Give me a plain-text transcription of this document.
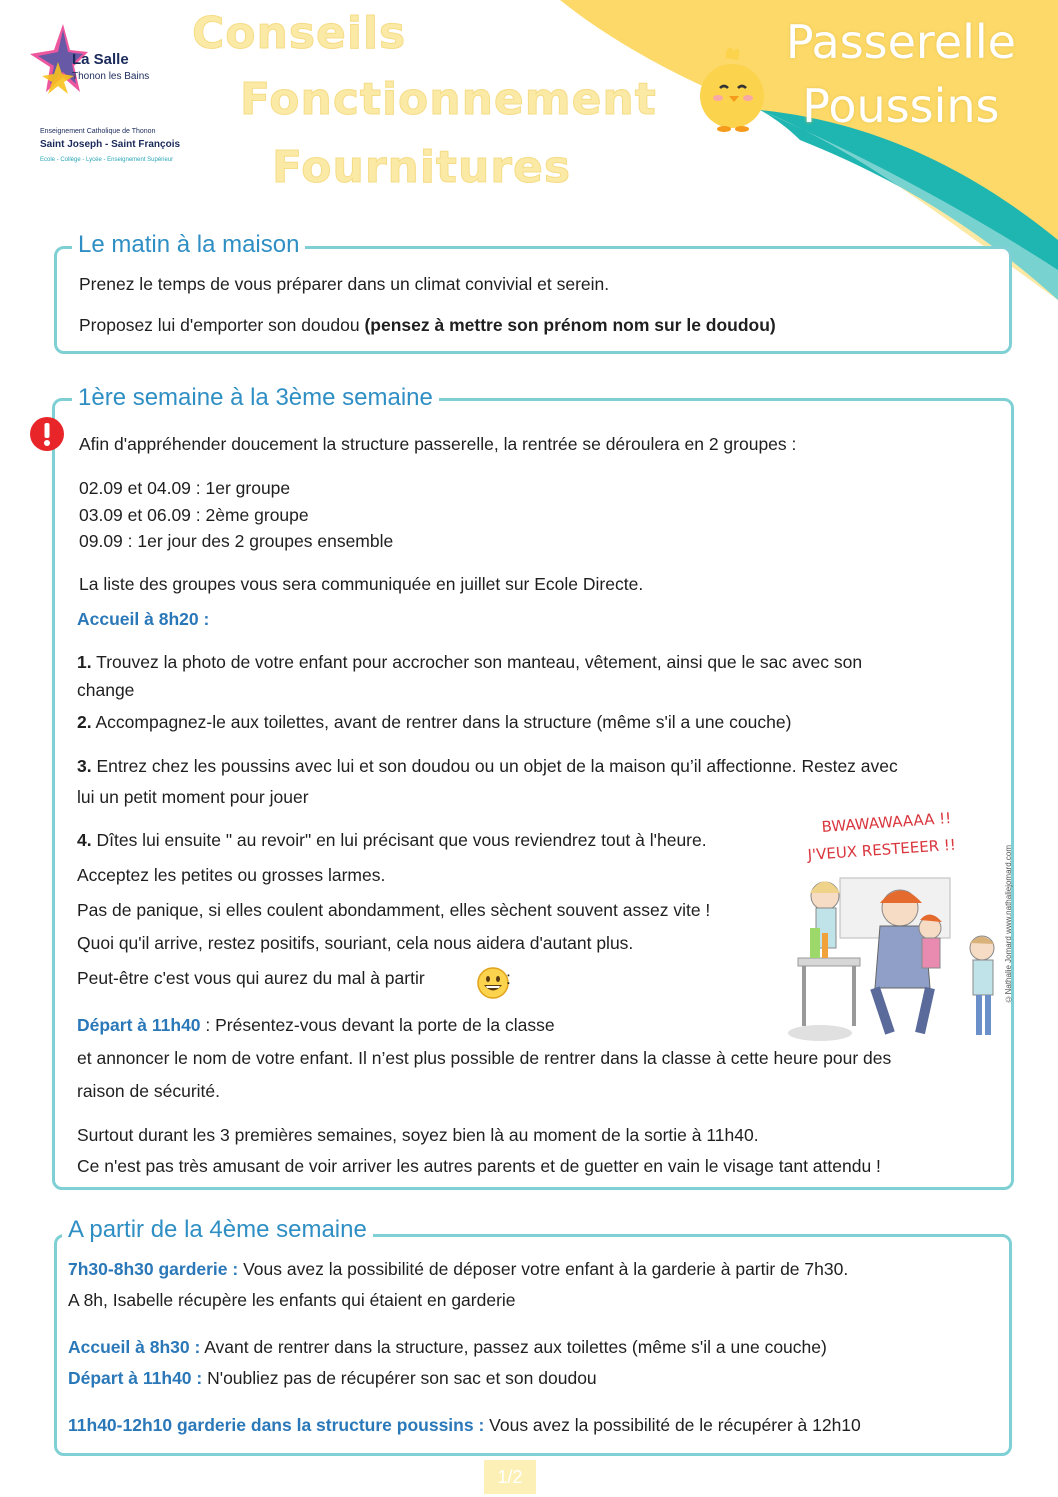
La Salle
Thonon les Bains
Enseignement Catholique de Thonon
Saint Joseph - Saint François
Ecole - Collège - Lycée - Enseignement Supérieur
Conseils
Fonctionnement
Fournitures
Passerelle
Poussins
Le matin à la maison
Prenez le temps de vous préparer dans un climat convivial et serein.
Proposez lui d'emporter son doudou (pensez à mettre son prénom nom sur le doudou)
1ère semaine à la 3ème semaine
Afin d'appréhender doucement la structure passerelle, la rentrée se déroulera en 2 groupes :
02.09 et 04.09 : 1er groupe
03.09 et 06.09 : 2ème groupe
09.09 : 1er jour des 2 groupes ensemble
La liste des groupes vous sera communiquée en juillet sur Ecole Directe.
Accueil à 8h20 :
1. Trouvez la photo de votre enfant pour accrocher son manteau, vêtement, ainsi que le sac avec son
change
2. Accompagnez-le aux toilettes, avant de rentrer dans la structure (même s'il a une couche)
3. Entrez chez les poussins avec lui et son doudou ou un objet de la maison qu’il affectionne. Restez avec
lui un petit moment pour jouer
4. Dîtes lui ensuite " au revoir" en lui précisant que vous reviendrez tout à l'heure.
Acceptez les petites ou grosses larmes.
Pas de panique, si elles coulent abondamment, elles sèchent souvent assez vite !
Quoi qu'il arrive, restez positifs, souriant, cela nous aidera d'autant plus.
Peut-être c'est vous qui aurez du mal à partir	:
Départ à 11h40 : Présentez-vous devant la porte de la classe
et annoncer le nom de votre enfant. Il n’est plus possible de rentrer dans la classe à cette heure pour des
raison de sécurité.
Surtout durant les 3 premières semaines, soyez bien là au moment de la sortie à 11h40.
Ce n'est pas très amusant de voir arriver les autres parents et de guetter en vain le visage tant attendu !
BWAWAWAAAA !!
J'VEUX RESTEEER !!	©Nathalie Jomard www.nathaliejomard.com
A partir de la 4ème semaine
7h30-8h30 garderie : Vous avez la possibilité de déposer votre enfant à la garderie à partir de 7h30.
A 8h, Isabelle récupère les enfants qui étaient en garderie
Accueil à 8h30 : Avant de rentrer dans la structure, passez aux toilettes (même s'il a une couche)
Départ à 11h40 : N'oubliez pas de récupérer son sac et son doudou
11h40-12h10 garderie dans la structure poussins : Vous avez la possibilité de le récupérer à 12h10
1/2
